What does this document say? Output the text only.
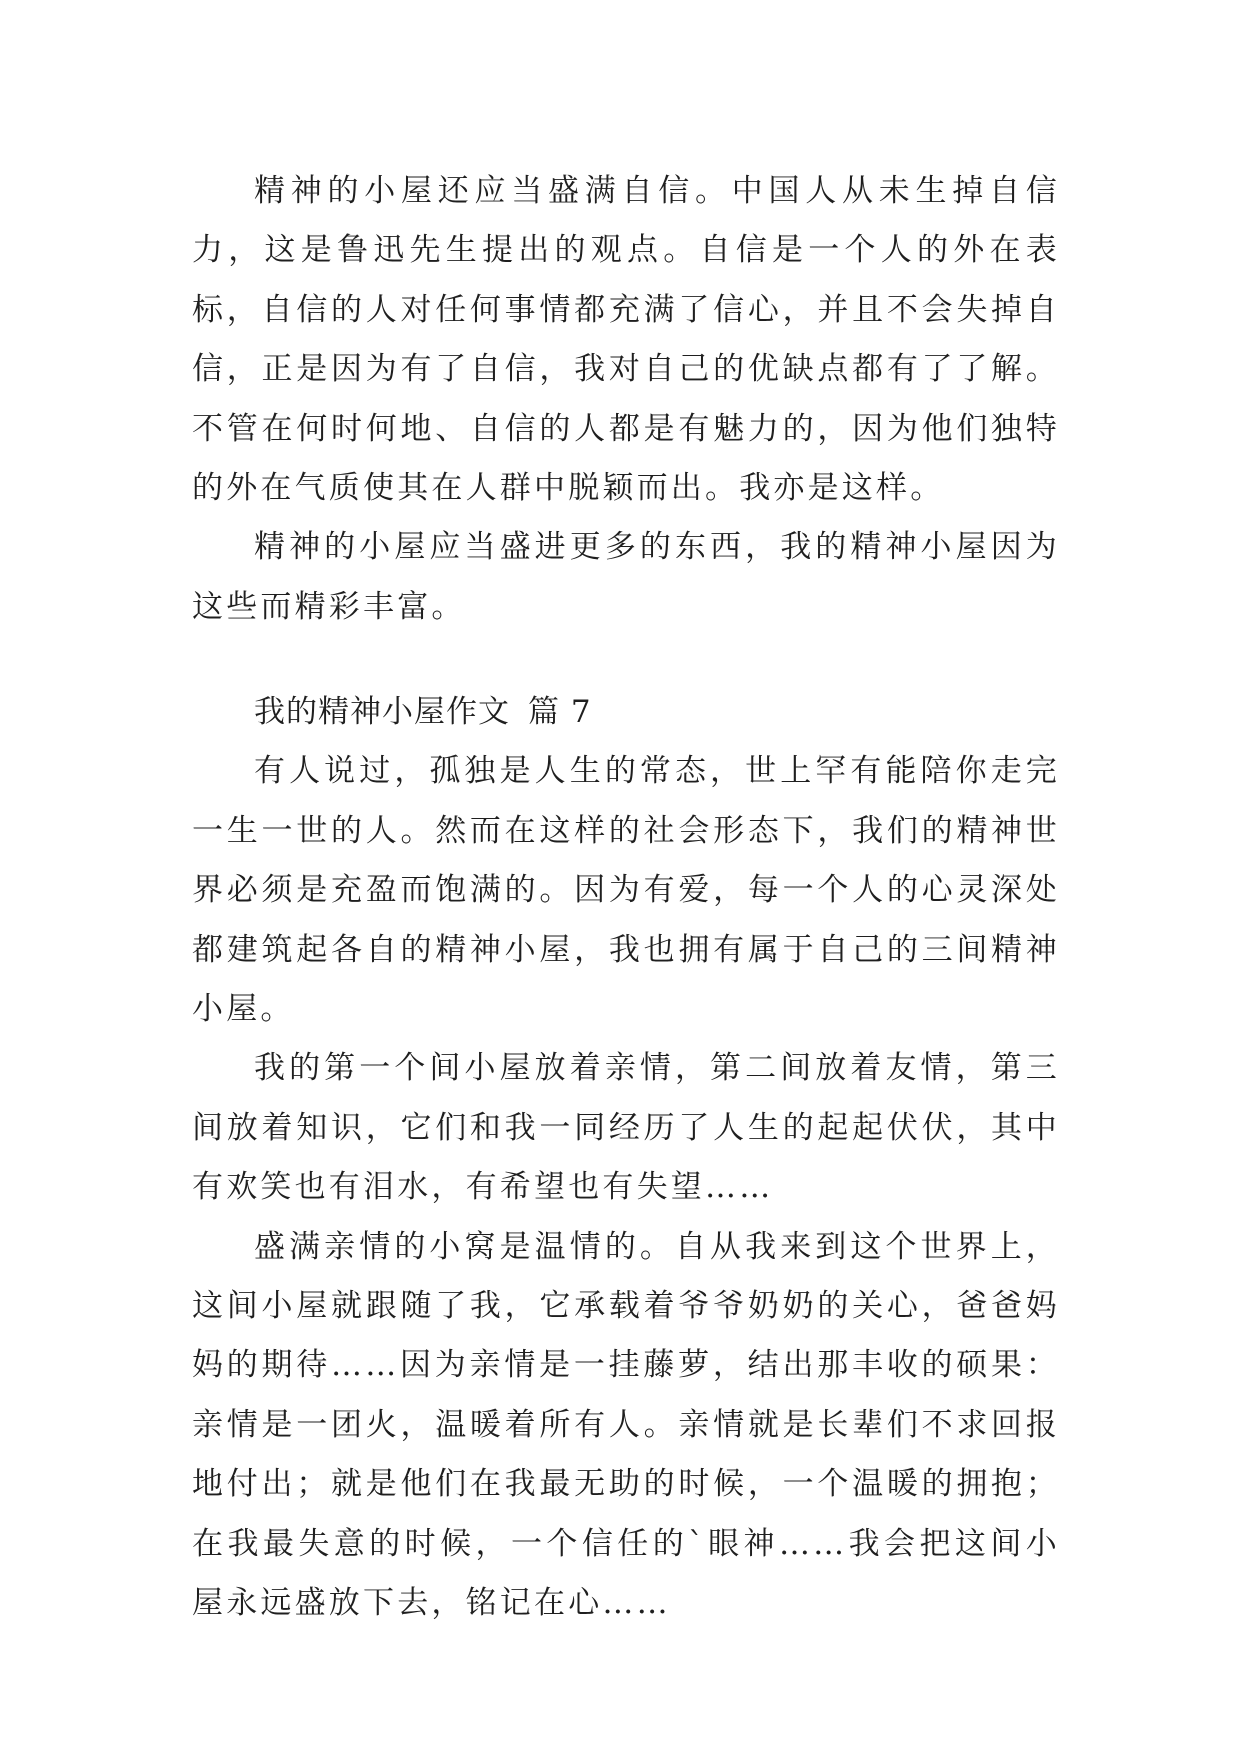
精神的小屋还应当盛满自信。中国人从未生掉自信力，这是鲁迅先生提出的观点。自信是一个人的外在表标，自信的人对任何事情都充满了信心，并且不会失掉自信，正是因为有了自信，我对自己的优缺点都有了了解。不管在何时何地、自信的人都是有魅力的，因为他们独特的外在气质使其在人群中脱颖而出。我亦是这样。

精神的小屋应当盛进更多的东西，我的精神小屋因为这些而精彩丰富。

我的精神小屋作文 篇 7

有人说过，孤独是人生的常态，世上罕有能陪你走完一生一世的人。然而在这样的社会形态下，我们的精神世界必须是充盈而饱满的。因为有爱，每一个人的心灵深处都建筑起各自的精神小屋，我也拥有属于自己的三间精神小屋。

我的第一个间小屋放着亲情，第二间放着友情，第三间放着知识，它们和我一同经历了人生的起起伏伏，其中有欢笑也有泪水，有希望也有失望……

盛满亲情的小窝是温情的。自从我来到这个世界上，这间小屋就跟随了我，它承载着爷爷奶奶的关心，爸爸妈妈的期待……因为亲情是一挂藤萝，结出那丰收的硕果：亲情是一团火，温暖着所有人。亲情就是长辈们不求回报地付出；就是他们在我最无助的时候，一个温暖的拥抱；在我最失意的时候，一个信任的`眼神……我会把这间小屋永远盛放下去，铭记在心……
